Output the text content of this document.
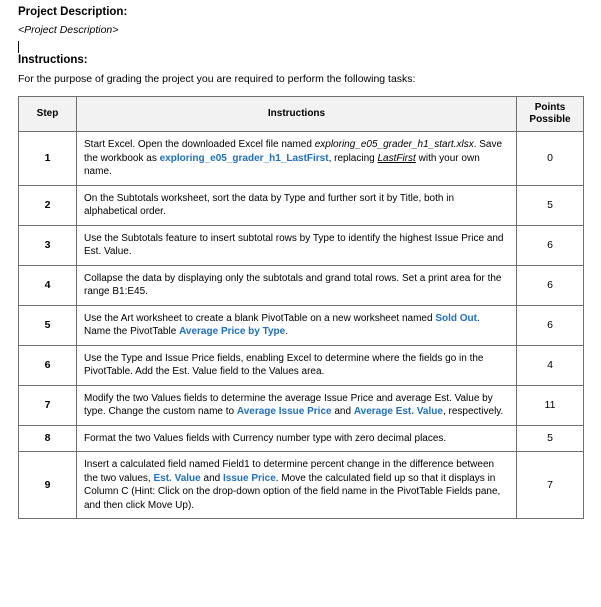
Project Description:
<Project Description>
Instructions:
For the purpose of grading the project you are required to perform the following tasks:
Step	Instructions	Points Possible
1	Start Excel. Open the downloaded Excel file named exploring_e05_grader_h1_start.xlsx. Save the workbook as exploring_e05_grader_h1_LastFirst, replacing LastFirst with your own name.	0
2	On the Subtotals worksheet, sort the data by Type and further sort it by Title, both in alphabetical order.	5
3	Use the Subtotals feature to insert subtotal rows by Type to identify the highest Issue Price and Est. Value.	6
4	Collapse the data by displaying only the subtotals and grand total rows. Set a print area for the range B1:E45.	6
5	Use the Art worksheet to create a blank PivotTable on a new worksheet named Sold Out. Name the PivotTable Average Price by Type.	6
6	Use the Type and Issue Price fields, enabling Excel to determine where the fields go in the PivotTable. Add the Est. Value field to the Values area.	4
7	Modify the two Values fields to determine the average Issue Price and average Est. Value by type. Change the custom name to Average Issue Price and Average Est. Value, respectively.	11
8	Format the two Values fields with Currency number type with zero decimal places.	5
9	Insert a calculated field named Field1 to determine percent change in the difference between the two values, Est. Value and Issue Price. Move the calculated field up so that it displays in Column C (Hint: Click on the drop-down option of the field name in the PivotTable Fields pane, and then click Move Up).	7
